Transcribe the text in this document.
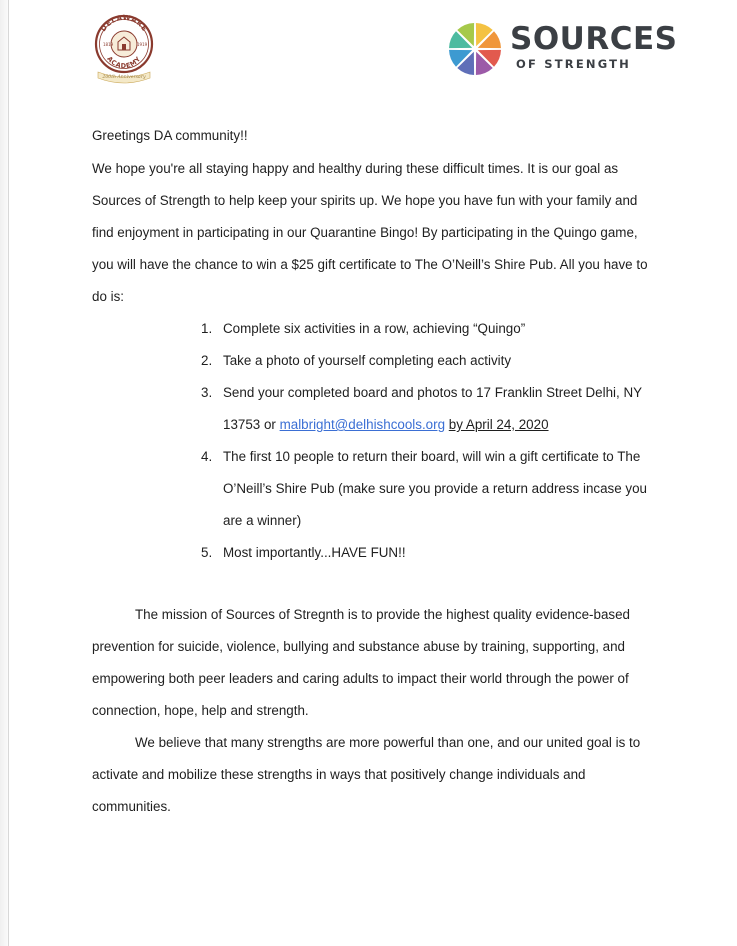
DELAWARE
ACADEMY
1819	1919
200th Anniversary
SOURCES
OF STRENGTH
Greetings DA community!!
We hope you're all staying happy and healthy during these difficult times. It is our goal as
Sources of Strength to help keep your spirits up. We hope you have fun with your family and
find enjoyment in participating in our Quarantine Bingo! By participating in the Quingo game,
you will have the chance to win a $25 gift certificate to The O’Neill’s Shire Pub. All you have to
do is:
1. Complete six activities in a row, achieving “Quingo”
2. Take a photo of yourself completing each activity
3. Send your completed board and photos to 17 Franklin Street Delhi, NY
13753 or malbright@delhishcools.org by April 24, 2020
4. The first 10 people to return their board, will win a gift certificate to The
O’Neill’s Shire Pub (make sure you provide a return address incase you
are a winner)
5. Most importantly...HAVE FUN!!
The mission of Sources of Stregnth is to provide the highest quality evidence-based
prevention for suicide, violence, bullying and substance abuse by training, supporting, and
empowering both peer leaders and caring adults to impact their world through the power of
connection, hope, help and strength.
We believe that many strengths are more powerful than one, and our united goal is to
activate and mobilize these strengths in ways that positively change individuals and
communities.
